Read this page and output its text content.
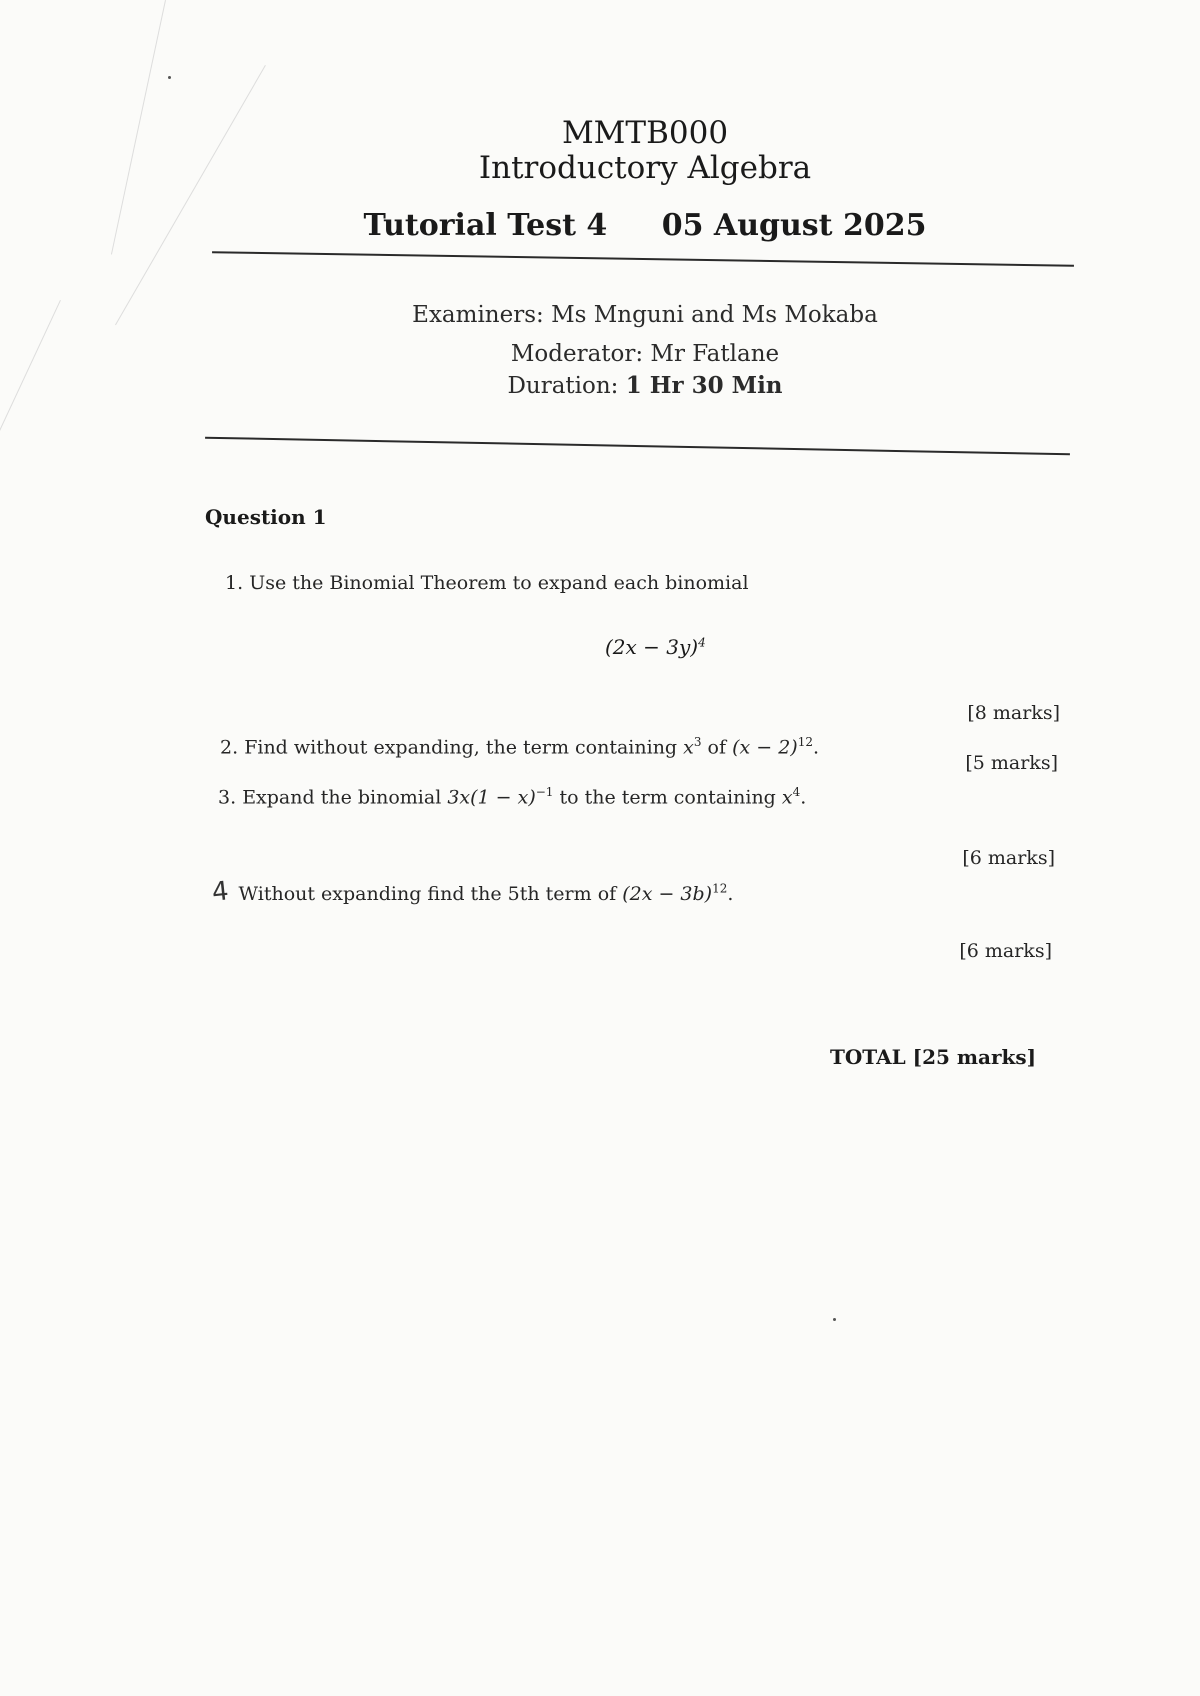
MMTB000
Introductory Algebra
Tutorial Test 4 05 August 2025
Examiners: Ms Mnguni and Ms Mokaba
Moderator: Mr Fatlane
Duration: 1 Hr 30 Min
Question 1
1. Use the Binomial Theorem to expand each binomial
$(2x - 3y)^4$
[8 marks]
2. Find without expanding, the term containing $x^3$ of $(x - 2)^{12}$.
[5 marks]
3. Expand the binomial $3x(1 - x)^{-1}$ to the term containing $x^4$.
[6 marks]
4 Without expanding find the 5th term of $(2x - 3b)^{12}$.
[6 marks]
TOTAL [25 marks]
